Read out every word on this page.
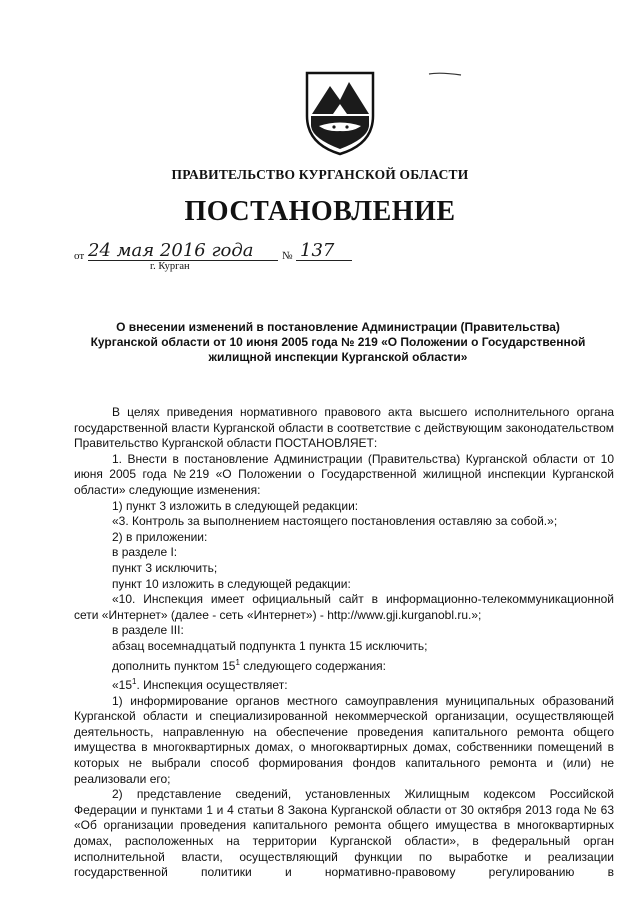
ПРАВИТЕЛЬСТВО КУРГАНСКОЙ ОБЛАСТИ
ПОСТАНОВЛЕНИЕ
от 24 мая 2016 года	№ 137
г. Курган
О внесении изменений в постановление Администрации (Правительства)
Курганской области от 10 июня 2005 года № 219 «О Положении о Государственной
жилищной инспекции Курганской области»

В целях приведения нормативного правового акта высшего исполнительного органа государственной власти Курганской области в соответствие с действующим законодательством Правительство Курганской области ПОСТАНОВЛЯЕТ:

1. Внести в постановление Администрации (Правительства) Курганской области от 10 июня 2005 года №219 «О Положении о Государственной жилищной инспекции Курганской области» следующие изменения:

1) пункт 3 изложить в следующей редакции:

«3. Контроль за выполнением настоящего постановления оставляю за собой.»;

2) в приложении:

в разделе I:

пункт 3 исключить;

пункт 10 изложить в следующей редакции:

«10. Инспекция имеет официальный сайт в информационно-телекоммуникационной сети «Интернет» (далее - сеть «Интернет») - http://www.gji.kurganobl.ru.»;

в разделе III:

абзац восемнадцатый подпункта 1 пункта 15 исключить;

дополнить пунктом $15^1$ следующего содержания:

«$15^1$. Инспекция осуществляет:

1) информирование органов местного самоуправления муниципальных образований Курганской области и специализированной некоммерческой организации, осуществляющей деятельность, направленную на обеспечение проведения капитального ремонта общего имущества в многоквартирных домах, о многоквартирных домах, собственники помещений в которых не выбрали способ формирования фондов капитального ремонта и (или) не реализовали его;

2) представление сведений, установленных Жилищным кодексом Российской Федерации и пунктами 1 и 4 статьи 8 Закона Курганской области от 30 октября 2013 года № 63 «Об организации проведения капитального ремонта общего имущества в многоквартирных домах, расположенных на территории Курганской области», в федеральный орган исполнительной власти, осуществляющий функции по выработке и реализации государственной политики и нормативно-правовому регулированию в
